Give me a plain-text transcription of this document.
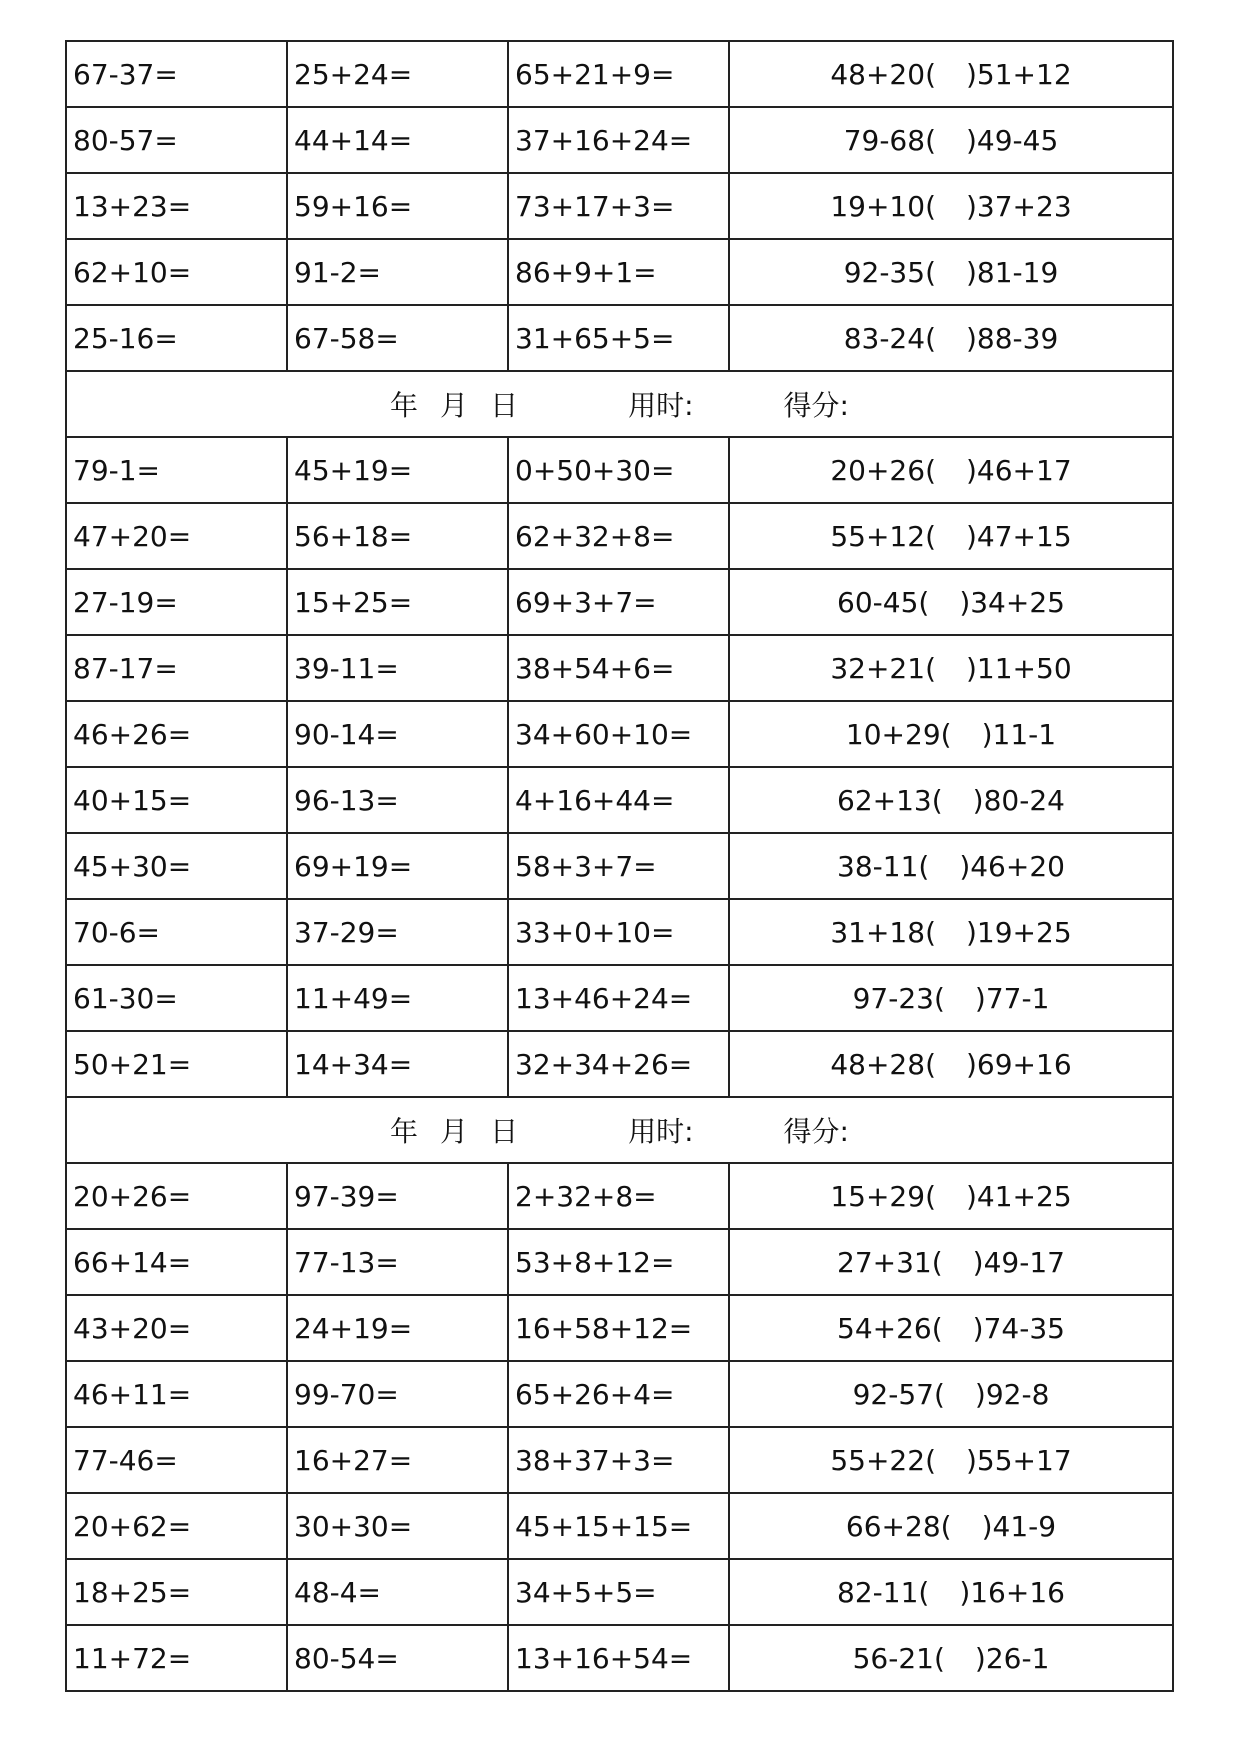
67-37=	25+24=	65+21+9=	48+20( )51+12
80-57=	44+14=	37+16+24=	79-68( )49-45
13+23=	59+16=	73+17+3=	19+10( )37+23
62+10=	91-2=	86+9+1=	92-35( )81-19
25-16=	67-58=	31+65+5=	83-24( )88-39
年 月 日 用时: 得分:			
79-1=	45+19=	0+50+30=	20+26( )46+17
47+20=	56+18=	62+32+8=	55+12( )47+15
27-19=	15+25=	69+3+7=	60-45( )34+25
87-17=	39-11=	38+54+6=	32+21( )11+50
46+26=	90-14=	34+60+10=	10+29( )11-1
40+15=	96-13=	4+16+44=	62+13( )80-24
45+30=	69+19=	58+3+7=	38-11( )46+20
70-6=	37-29=	33+0+10=	31+18( )19+25
61-30=	11+49=	13+46+24=	97-23( )77-1
50+21=	14+34=	32+34+26=	48+28( )69+16
年 月 日 用时: 得分:			
20+26=	97-39=	2+32+8=	15+29( )41+25
66+14=	77-13=	53+8+12=	27+31( )49-17
43+20=	24+19=	16+58+12=	54+26( )74-35
46+11=	99-70=	65+26+4=	92-57( )92-8
77-46=	16+27=	38+37+3=	55+22( )55+17
20+62=	30+30=	45+15+15=	66+28( )41-9
18+25=	48-4=	34+5+5=	82-11( )16+16
11+72=	80-54=	13+16+54=	56-21( )26-1
